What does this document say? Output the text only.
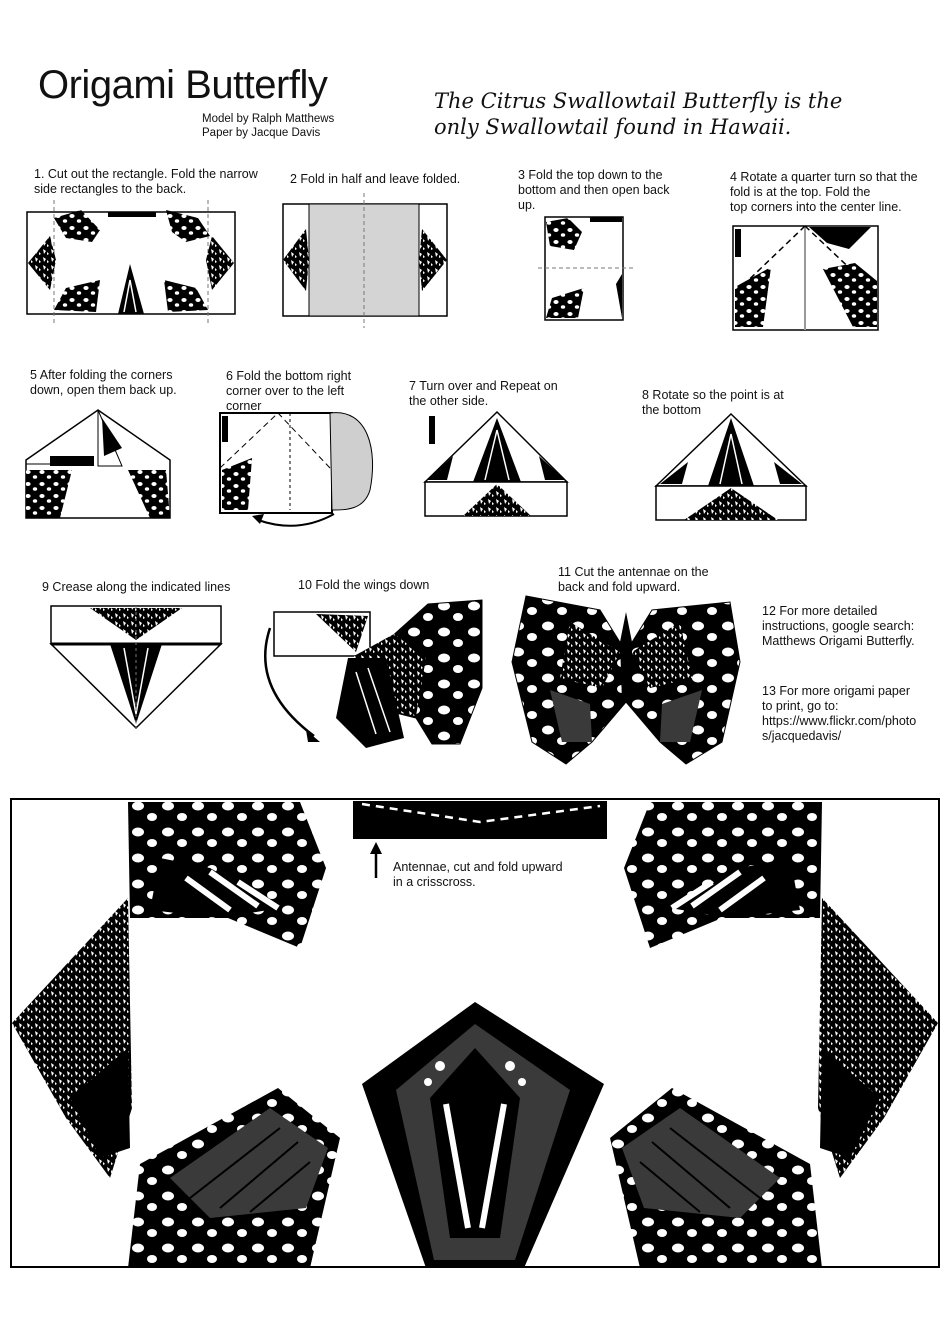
Origami Butterfly
Model by Ralph Matthews
Paper by Jacque Davis
The Citrus Swallowtail Butterfly is the
only Swallowtail found in Hawaii.
1. Cut out the rectangle. Fold the narrow
side rectangles to the back.
2 Fold in half and leave folded.	3 Fold the top down to the
bottom and then open back
up.
4 Rotate a quarter turn so that the
fold is at the top. Fold the
top corners into the center line.
5 After folding the corners
down, open them back up.
6 Fold the bottom right
corner over to the left
corner
7 Turn over and Repeat on
the other side.	8 Rotate so the point is at
the bottom
9 Crease along the indicated lines	10 Fold the wings down
11 Cut the antennae on the
back and fold upward.
12 For more detailed
instructions, google search:
Matthews Origami Butterfly.
13 For more origami paper
to print, go to:
https://www.flickr.com/photo
s/jacquedavis/
Antennae, cut and fold upward
in a crisscross.
